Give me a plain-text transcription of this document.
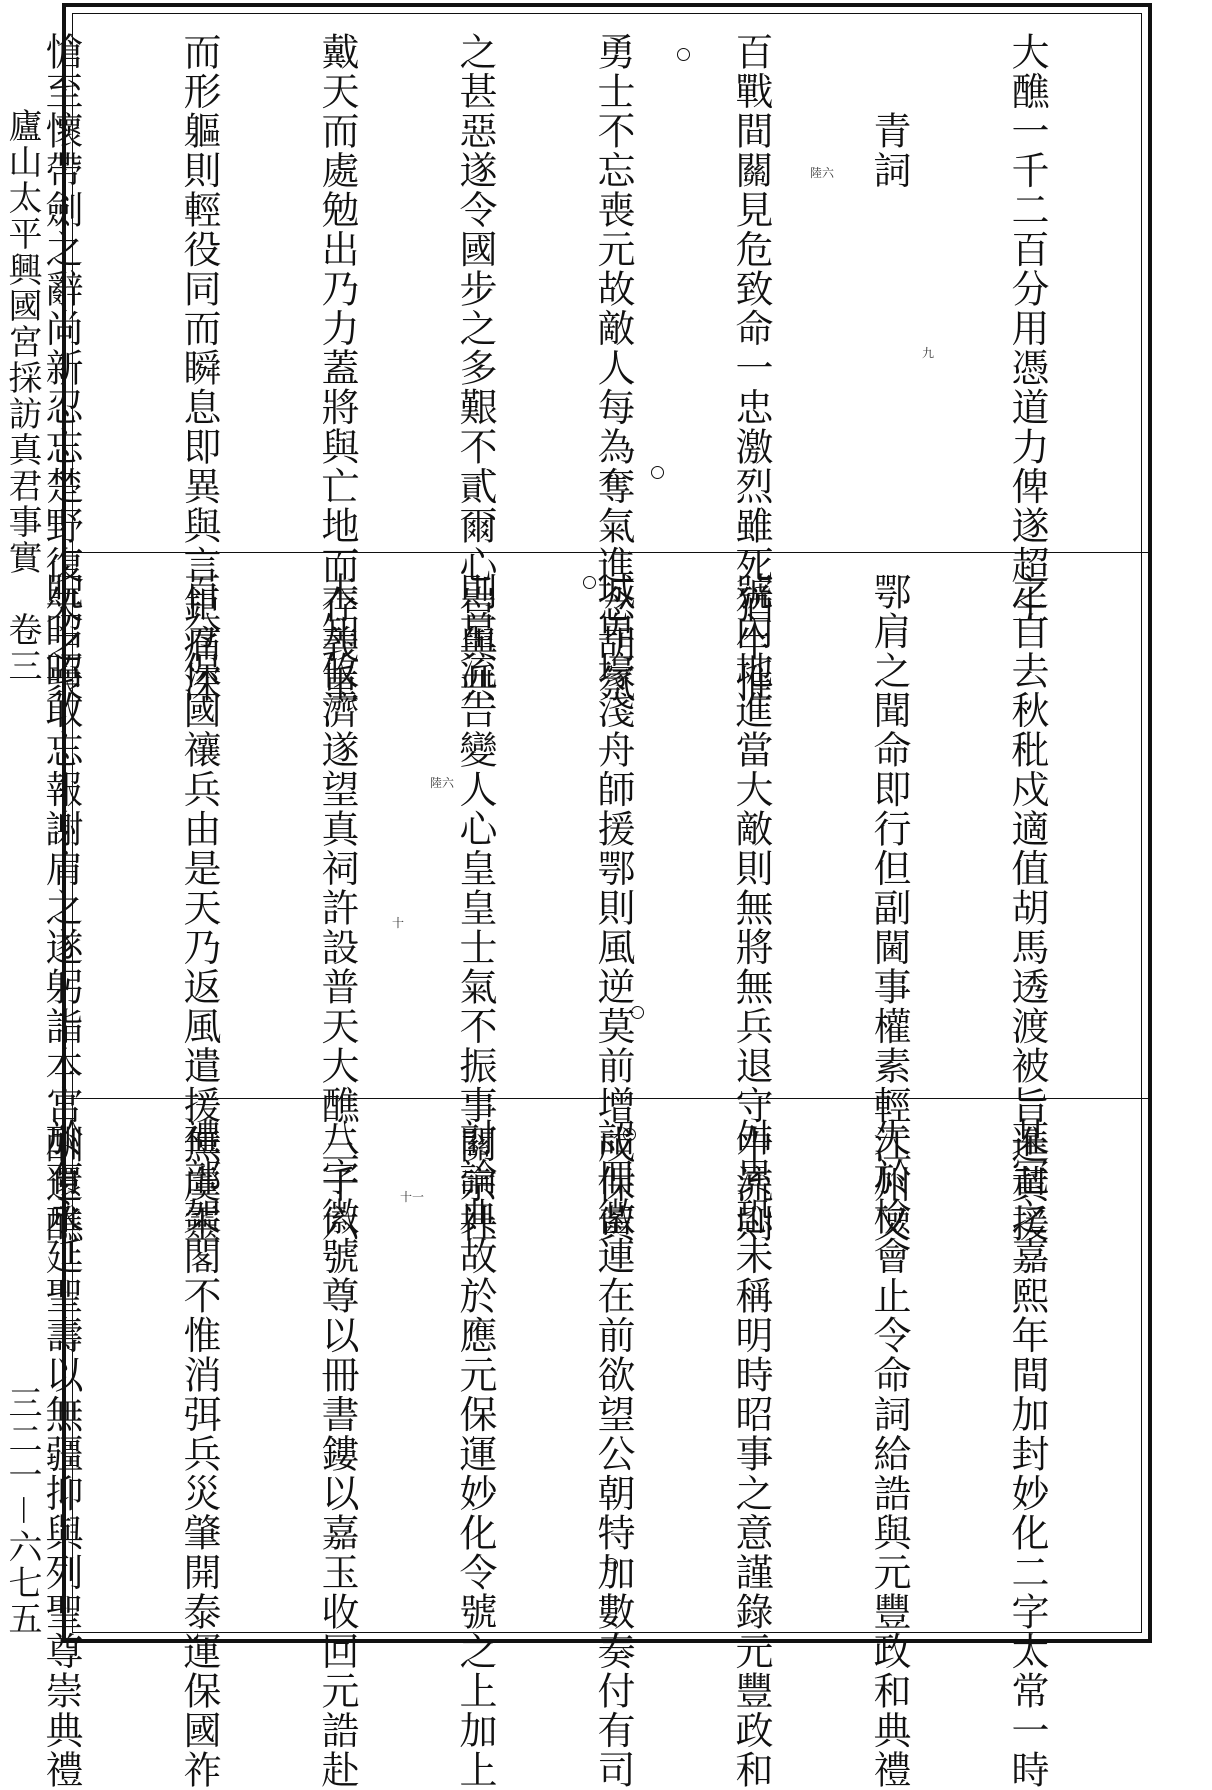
廬山太平興國宮採訪真君事實　卷三
三二一－六七五

大醮一千二百分用憑道力俾遂超生

　　青詞

百戰間關見危致命一忠激烈雖死猶生惟

勇士不忘喪元故敵人每為奪氣進念胡氛

之甚惡遂令國步之多艱不貳爾心豈與共

戴天而處勉出乃力蓋將與亡地而存義重

而形軀則輕役同而瞬息即異與言鉅痛深

愴至懷帶劍之辭尚新忍忘楚野復矢之衆

	陸六
九

之自去秋秕戍適值胡馬透渡被旨進黃援

鄂肩之聞命即行但副閫事權素輕江州又

號內地進當大敵則無將無兵退守中流則

城卑壕淺舟師援鄂則風逆莫前增戍保黃

則星流告變人心皇皇士氣不振事關宗社

未知攸濟遂望真祠許設普天大醮三千六

百分保國禳兵由是天乃返風遣援無虞靈

貺昭昭敢忘報謝肩之遂躬詣本宮酬還醮

	陸六
十

某冠之嘉熙年間加封妙化二字太常一時

失於檢會止令命詞給誥與元豐政和典禮

舛異恐未稱明時昭事之意謹錄元豐政和

詔冊徽連在前欲望公朝特加數奏付有司

討論典故於應元保運妙化令號之上加上

八字徽號尊以冊書鏤以嘉玉收回元誥赴

禮部架閣不惟消弭兵災肇開泰運保國祚

於有永延聖壽以無疆抑與列聖尊崇典禮

	十一
